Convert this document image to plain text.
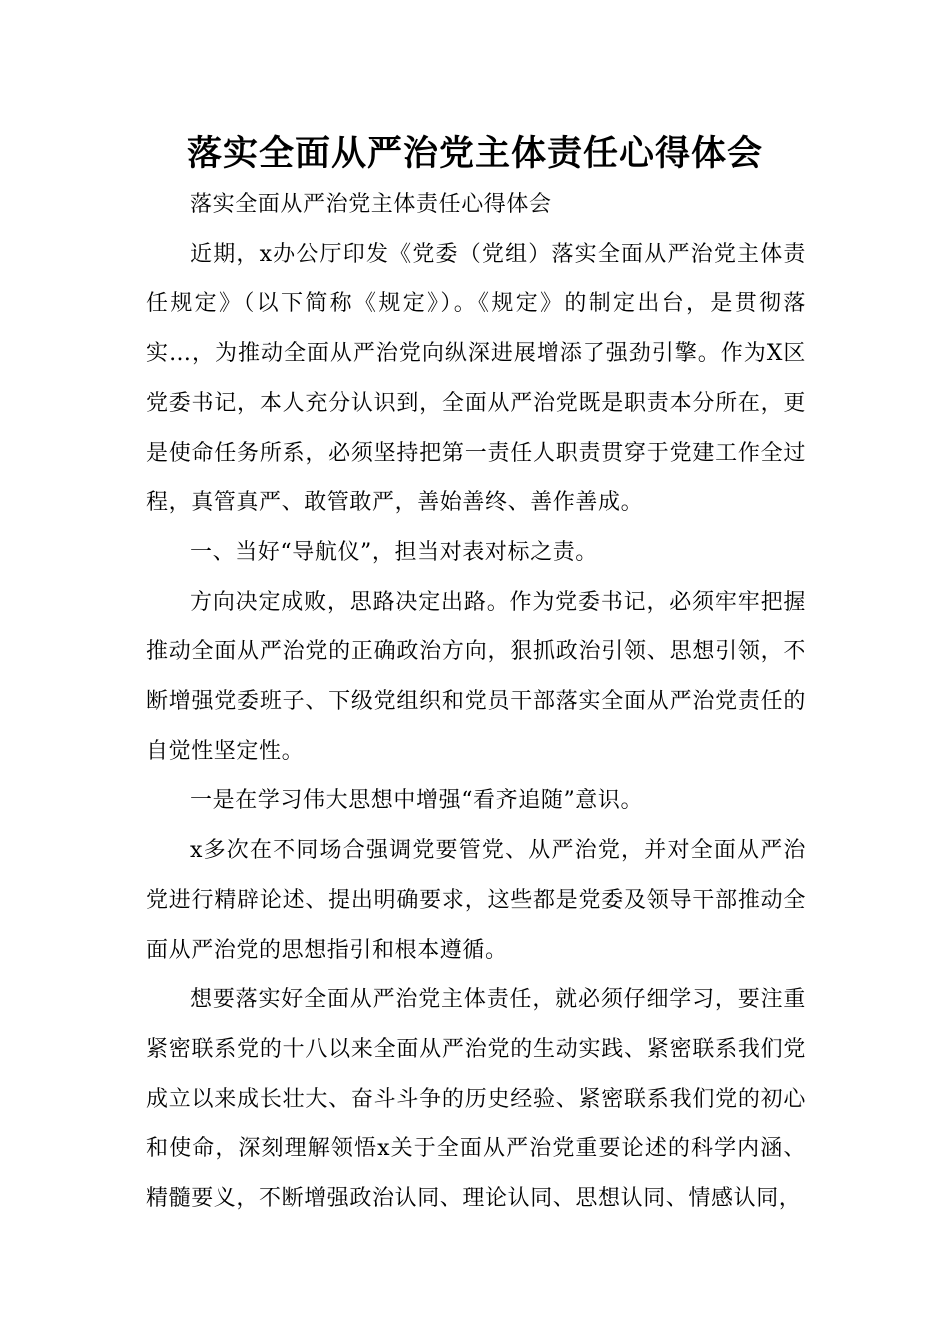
落实全面从严治党主体责任心得体会

落实全面从严治党主体责任心得体会

近期，x办公厅印发《党委（党组）落实全面从严治党主体责任规定》（以下简称《规定》）。《规定》的制定出台，是贯彻落实…，为推动全面从严治党向纵深进展增添了强劲引擎。作为X区党委书记，本人充分认识到，全面从严治党既是职责本分所在，更是使命任务所系，必须坚持把第一责任人职责贯穿于党建工作全过程，真管真严、敢管敢严，善始善终、善作善成。

一、当好“导航仪”，担当对表对标之责。

方向决定成败，思路决定出路。作为党委书记，必须牢牢把握推动全面从严治党的正确政治方向，狠抓政治引领、思想引领，不断增强党委班子、下级党组织和党员干部落实全面从严治党责任的自觉性坚定性。

一是在学习伟大思想中增强“看齐追随”意识。

x多次在不同场合强调党要管党、从严治党，并对全面从严治党进行精辟论述、提出明确要求，这些都是党委及领导干部推动全面从严治党的思想指引和根本遵循。

想要落实好全面从严治党主体责任，就必须仔细学习，要注重紧密联系党的十八以来全面从严治党的生动实践、紧密联系我们党成立以来成长壮大、奋斗斗争的历史经验、紧密联系我们党的初心和使命，深刻理解领悟x关于全面从严治党重要论述的科学内涵、精髓要义，不断增强政治认同、理论认同、思想认同、情感认同，
